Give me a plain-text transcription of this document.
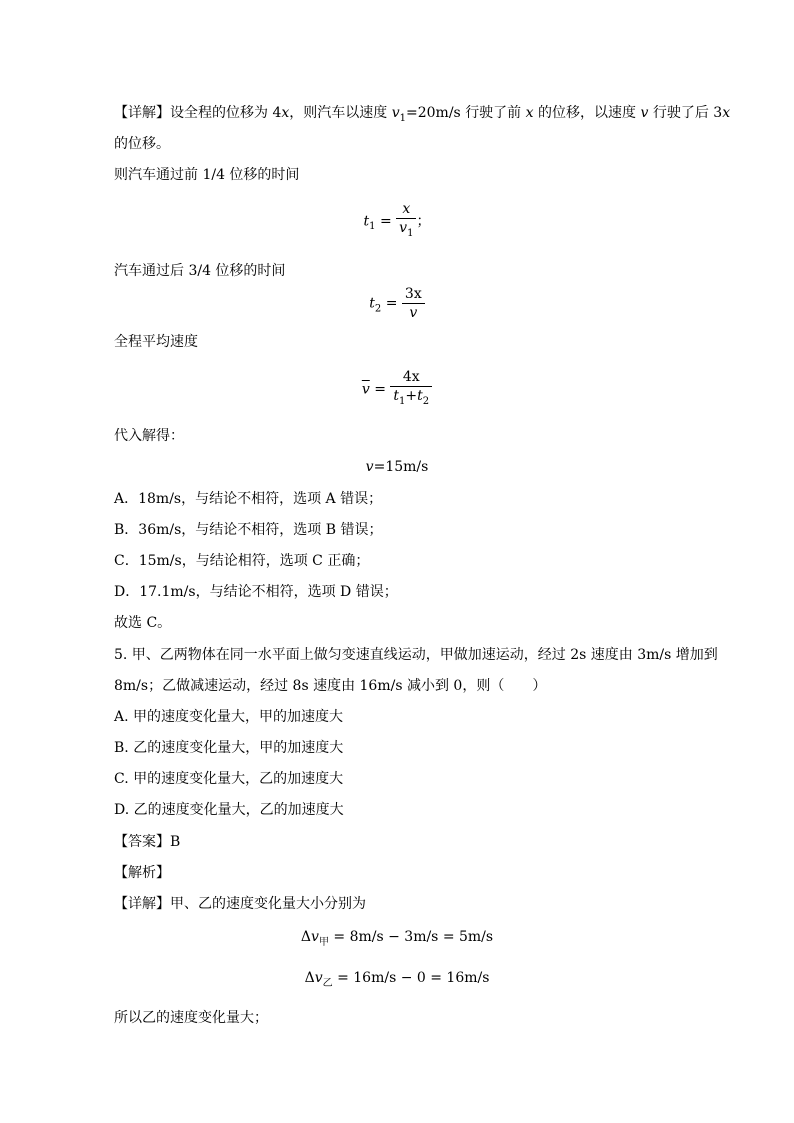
【详解】设全程的位移为 4x，则汽车以速度 $v_1=20m/s$ 行驶了前 x 的位移，以速度 v 行驶了后 3x
的位移。
则汽车通过前 1/4 位移的时间
$t_1 = \frac{x}{v_1}$ ；
汽车通过后 3/4 位移的时间
$t_2 = \frac{3x}{v}$
全程平均速度
$\overline{v} = \frac{4x}{t_1+t_2}$
代入解得：
v=15m/s
A．18m/s，与结论不相符，选项 A 错误；
B．36m/s，与结论不相符，选项 B 错误；
C．15m/s，与结论相符，选项 C 正确；
D．17.1m/s，与结论不相符，选项 D 错误；
故选 C。
5. 甲、乙两物体在同一水平面上做匀变速直线运动，甲做加速运动，经过 2s 速度由 3m/s 增加到
8m/s；乙做减速运动，经过 8s 速度由 16m/s 减小到 0，则（　　）
A. 甲的速度变化量大，甲的加速度大
B. 乙的速度变化量大，甲的加速度大
C. 甲的速度变化量大，乙的加速度大
D. 乙的速度变化量大，乙的加速度大
【答案】B
【解析】
【详解】甲、乙的速度变化量大小分别为
$\Delta v_甲 = 8m/s - 3m/s = 5m/s$
$\Delta v_乙 = 16m/s - 0 = 16m/s$
所以乙的速度变化量大；
